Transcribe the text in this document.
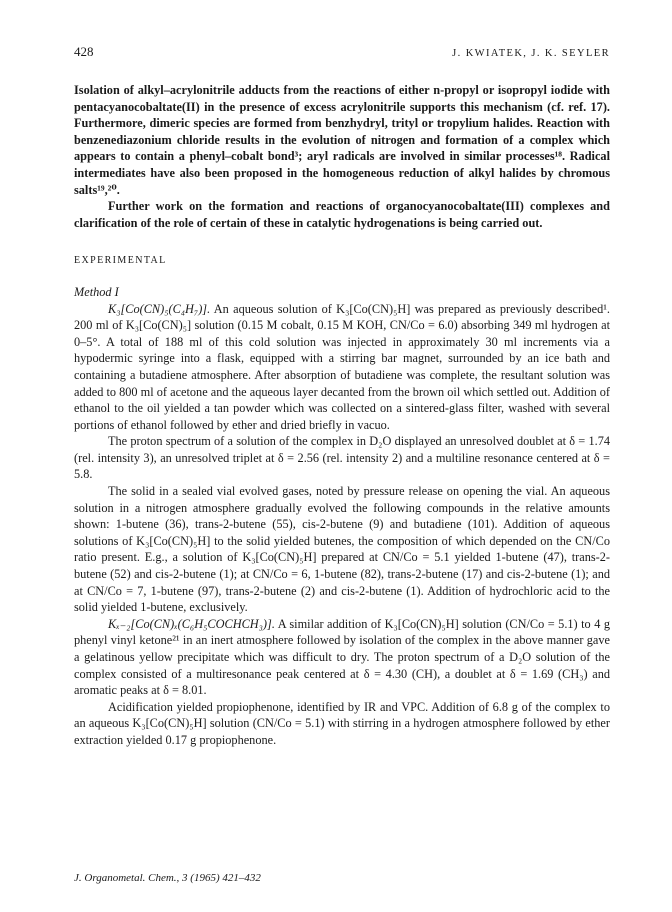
428	J. KWIATEK, J. K. SEYLER

Isolation of alkyl–acrylonitrile adducts from the reactions of either n-propyl or isopropyl iodide with pentacyanocobaltate(II) in the presence of excess acrylonitrile supports this mechanism (cf. ref. 17). Furthermore, dimeric species are formed from benzhydryl, trityl or tropylium halides. Reaction with benzenediazonium chloride results in the evolution of nitrogen and formation of a complex which appears to contain a phenyl–cobalt bond³; aryl radicals are involved in similar processes¹⁸. Radical intermediates have also been proposed in the homogeneous reduction of alkyl halides by chromous salts¹⁹,²⁰.

Further work on the formation and reactions of organocyanocobaltate(III) complexes and clarification of the role of certain of these in catalytic hydrogenations is being carried out.

EXPERIMENTAL
Method I

K₃[Co(CN)₅(C₄H₇)]. An aqueous solution of K₃[Co(CN)₅H] was prepared as previously described¹. 200 ml of K₃[Co(CN)₅] solution (0.15 M cobalt, 0.15 M KOH, CN/Co = 6.0) absorbing 349 ml hydrogen at 0–5°. A total of 188 ml of this cold solution was injected in approximately 30 ml increments via a hypodermic syringe into a flask, equipped with a stirring bar magnet, surrounded by an ice bath and containing a butadiene atmosphere. After absorption of butadiene was complete, the resultant solution was added to 800 ml of acetone and the aqueous layer decanted from the brown oil which settled out. Addition of ethanol to the oil yielded a tan powder which was collected on a sintered-glass filter, washed with several portions of ethanol followed by ether and dried briefly in vacuo.

The proton spectrum of a solution of the complex in D₂O displayed an unresolved doublet at δ = 1.74 (rel. intensity 3), an unresolved triplet at δ = 2.56 (rel. intensity 2) and a multiline resonance centered at δ = 5.8.

The solid in a sealed vial evolved gases, noted by pressure release on opening the vial. An aqueous solution in a nitrogen atmosphere gradually evolved the following compounds in the relative amounts shown: 1-butene (36), trans-2-butene (55), cis-2-butene (9) and butadiene (101). Addition of aqueous solutions of K₃[Co(CN)₅H] to the solid yielded butenes, the composition of which depended on the CN/Co ratio present. E.g., a solution of K₃[Co(CN)₅H] prepared at CN/Co = 5.1 yielded 1-butene (47), trans-2-butene (52) and cis-2-butene (1); at CN/Co = 6, 1-butene (82), trans-2-butene (17) and cis-2-butene (1); and at CN/Co = 7, 1-butene (97), trans-2-butene (2) and cis-2-butene (1). Addition of hydrochloric acid to the solid yielded 1-butene, exclusively.

Kₓ₋₂[Co(CN)ₓ(C₆H₅COCHCH₃)]. A similar addition of K₃[Co(CN)₅H] solution (CN/Co = 5.1) to 4 g phenyl vinyl ketone²¹ in an inert atmosphere followed by isolation of the complex in the above manner gave a gelatinous yellow precipitate which was difficult to dry. The proton spectrum of a D₂O solution of the complex consisted of a multiresonance peak centered at δ = 4.30 (CH), a doublet at δ = 1.69 (CH₃) and aromatic peaks at δ = 8.01.

Acidification yielded propiophenone, identified by IR and VPC. Addition of 6.8 g of the complex to an aqueous K₃[Co(CN)₅H] solution (CN/Co = 5.1) with stirring in a hydrogen atmosphere followed by ether extraction yielded 0.17 g propiophenone.

J. Organometal. Chem., 3 (1965) 421–432
